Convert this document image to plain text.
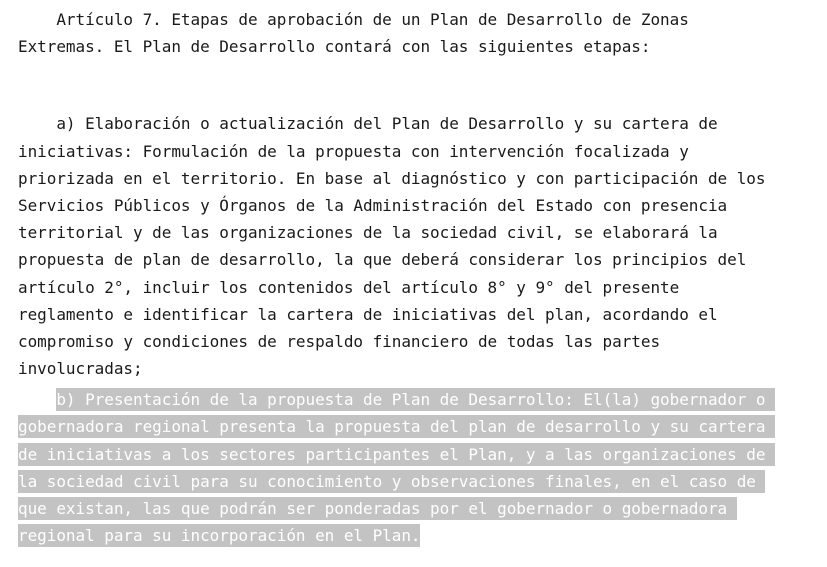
Artículo 7. Etapas de aprobación de un Plan de Desarrollo de Zonas
Extremas. El Plan de Desarrollo contará con las siguientes etapas:
a) Elaboración o actualización del Plan de Desarrollo y su cartera de
iniciativas: Formulación de la propuesta con intervención focalizada y
priorizada en el territorio. En base al diagnóstico y con participación de los
Servicios Públicos y Órganos de la Administración del Estado con presencia
territorial y de las organizaciones de la sociedad civil, se elaborará la
propuesta de plan de desarrollo, la que deberá considerar los principios del
artículo 2°, incluir los contenidos del artículo 8° y 9° del presente
reglamento e identificar la cartera de iniciativas del plan, acordando el
compromiso y condiciones de respaldo financiero de todas las partes
involucradas;
b) Presentación de la propuesta de Plan de Desarrollo: El(la) gobernador o
gobernadora regional presenta la propuesta del plan de desarrollo y su cartera
de iniciativas a los sectores participantes el Plan, y a las organizaciones de
la sociedad civil para su conocimiento y observaciones finales, en el caso de
que existan, las que podrán ser ponderadas por el gobernador o gobernadora
regional para su incorporación en el Plan.
